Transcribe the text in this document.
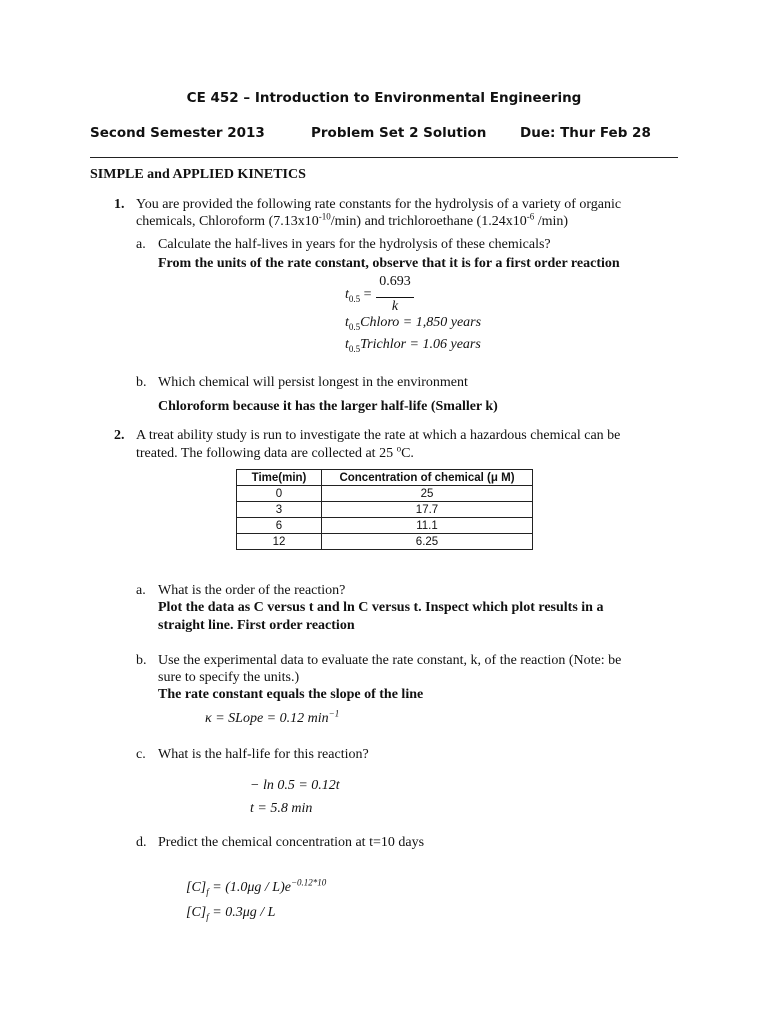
CE 452 – Introduction to Environmental Engineering
Second Semester 2013	Problem Set 2 Solution Due: Thur Feb 28
SIMPLE and APPLIED KINETICS
1. You are provided the following rate constants for the hydrolysis of a variety of organic
chemicals, Chloroform $(7.13x10^{-10}/\min)$ and trichloroethane ($1.24x10^{-6}$ /min)
a. Calculate the half-lives in years for the hydrolysis of these chemicals?
From the units of the rate constant, observe that it is for a first order reaction
0.693
$t_{0.5}$ =
k
$t_{0.5}Chloro = 1,850$ years
$t_{0.5}Trichlor = 1.06$ years
b. Which chemical will persist longest in the environment
Chloroform because it has the larger half-life (Smaller k)
2. A treat ability study is run to investigate the rate at which a hazardous chemical can be
treated. The following data are collected at 25 $^o$C.
Time(min)	Concentration of chemical (μ M)
0	25
3	17.7
6	11.1
12	6.25
a. What is the order of the reaction?
Plot the data as C versus t and ln C versus t. Inspect which plot results in a
straight line. First order reaction
b. Use the experimental data to evaluate the rate constant, k, of the reaction (Note: be
sure to specify the units.)
The rate constant equals the slope of the line
κ = SLope = 0.12 $\min^{-1}$
c. What is the half-life for this reaction?
− ln 0.5 = 0.12t
t = 5.8 min
d. Predict the chemical concentration at t=10 days
$[C]_f = (1.0\mu g / L)e^{-0.12*10}$
$[C]_f = 0.3\mu g / L$
